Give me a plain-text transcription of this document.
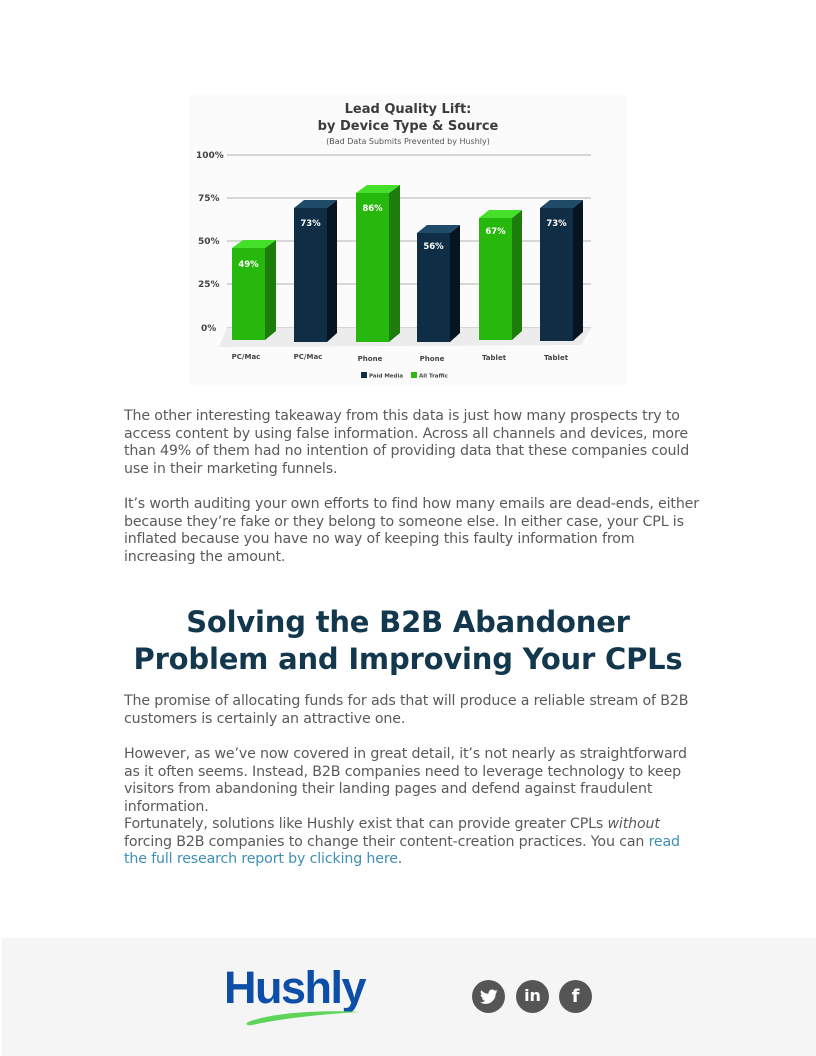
Lead Quality Lift:
by Device Type & Source
(Bad Data Submits Prevented by Hushly)
100%
75%
50%
25%
0%
49%
73%
86%
56%
67%
73%
PC/Mac	PC/Mac	Phone	Phone	Tablet	Tablet
Paid Media	All Traffic

The other interesting takeaway from this data is just how many prospects try to access content by using false information. Across all channels and devices, more than 49% of them had no intention of providing data that these companies could use in their marketing funnels.

It’s worth auditing your own efforts to find how many emails are dead-ends, either because they’re fake or they belong to someone else. In either case, your CPL is inflated because you have no way of keeping this faulty information from increasing the amount.

Solving the B2B Abandoner
Problem and Improving Your CPLs

The promise of allocating funds for ads that will produce a reliable stream of B2B customers is certainly an attractive one.

However, as we’ve now covered in great detail, it’s not nearly as straightforward as it often seems. Instead, B2B companies need to leverage technology to keep visitors from abandoning their landing pages and defend against fraudulent information.

Fortunately, solutions like Hushly exist that can provide greater CPLs without forcing B2B companies to change their content-creation practices. You can read the full research report by clicking here.

Hushly	in f
